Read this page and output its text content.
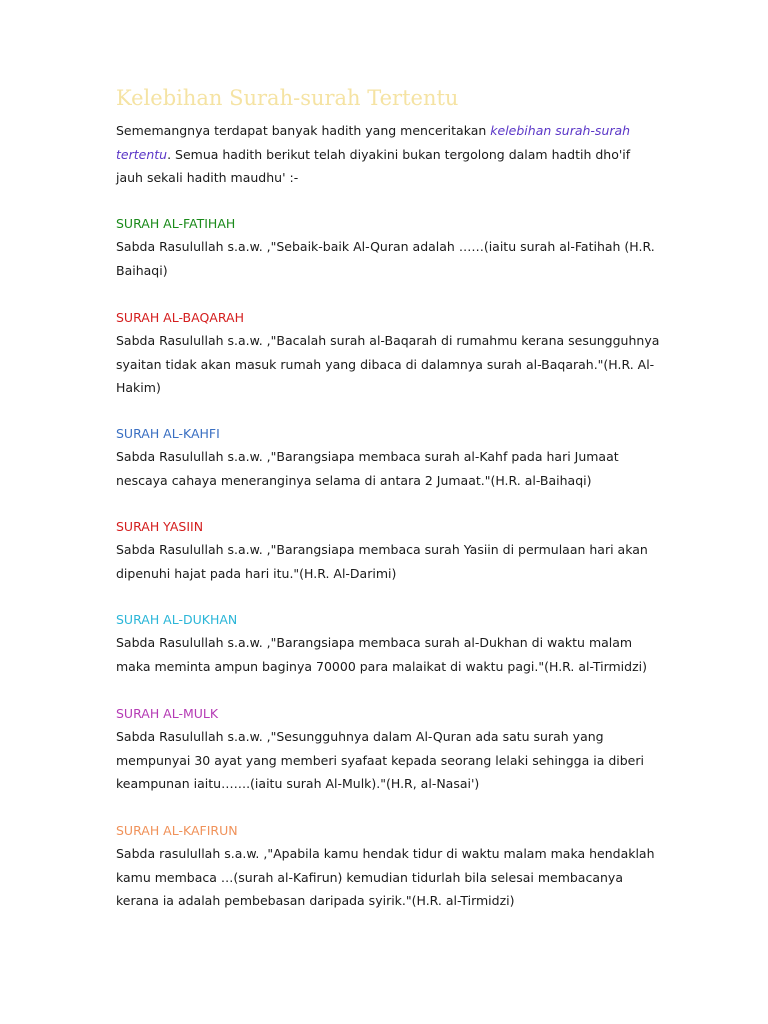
Kelebihan Surah-surah Tertentu

Sememangnya terdapat banyak hadith yang menceritakan kelebihan surah-surah tertentu. Semua hadith berikut telah diyakini bukan tergolong dalam hadtih dho'if jauh sekali hadith maudhu' :-

SURAH AL-FATIHAH

Sabda Rasulullah s.a.w. ,"Sebaik-baik Al-Quran adalah ……(iaitu surah al-Fatihah (H.R. Baihaqi)

SURAH AL-BAQARAH

Sabda Rasulullah s.a.w. ,"Bacalah surah al-Baqarah di rumahmu kerana sesungguhnya syaitan tidak akan masuk rumah yang dibaca di dalamnya surah al-Baqarah."(H.R. Al-Hakim)

SURAH AL-KAHFI

Sabda Rasulullah s.a.w. ,"Barangsiapa membaca surah al-Kahf pada hari Jumaat nescaya cahaya meneranginya selama di antara 2 Jumaat."(H.R. al-Baihaqi)

SURAH YASIIN

Sabda Rasulullah s.a.w. ,"Barangsiapa membaca surah Yasiin di permulaan hari akan dipenuhi hajat pada hari itu."(H.R. Al-Darimi)

SURAH AL-DUKHAN

Sabda Rasulullah s.a.w. ,"Barangsiapa membaca surah al-Dukhan di waktu malam maka meminta ampun baginya 70000 para malaikat di waktu pagi."(H.R. al-Tirmidzi)

SURAH AL-MULK

Sabda Rasulullah s.a.w. ,"Sesungguhnya dalam Al-Quran ada satu surah yang mempunyai 30 ayat yang memberi syafaat kepada seorang lelaki sehingga ia diberi keampunan iaitu…….(iaitu surah Al-Mulk)."(H.R, al-Nasai')

SURAH AL-KAFIRUN

Sabda rasulullah s.a.w. ,"Apabila kamu hendak tidur di waktu malam maka hendaklah kamu membaca …(surah al-Kafirun) kemudian tidurlah bila selesai membacanya kerana ia adalah pembebasan daripada syirik."(H.R. al-Tirmidzi)
